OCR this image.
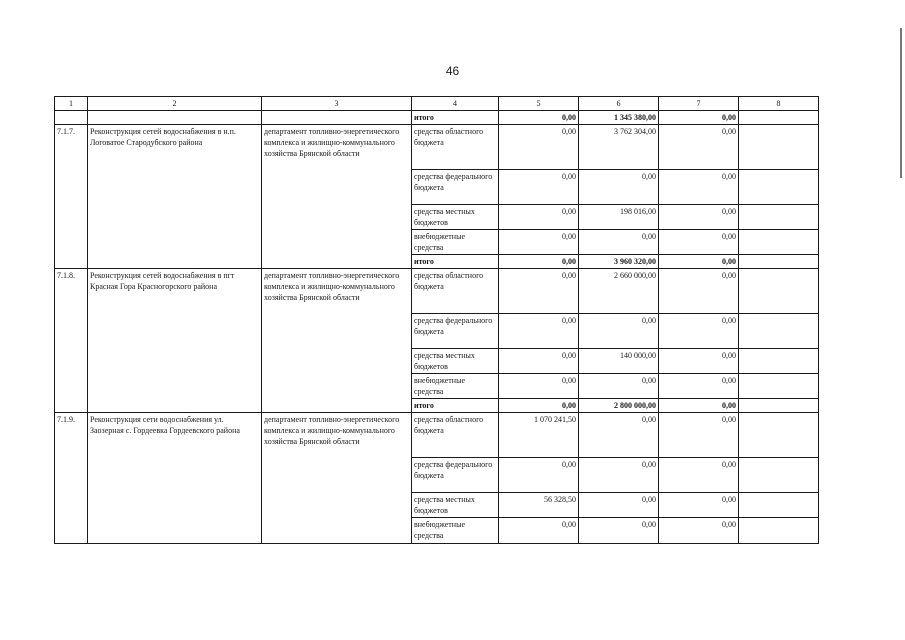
46
1	2	3	4	5	6	7	8
			итого	0,00	1 345 380,00	0,00	
7.1.7.	Реконструкция сетей водоснабжения в н.п. Логоватое Стародубского района	департамент топливно-энергетического комплекса и жилищно-коммунального хозяйства Брянской области	средства областного бюджета	0,00	3 762 304,00	0,00	
			средства федерального бюджета	0,00	0,00	0,00	
			средства местных бюджетов	0,00	198 016,00	0,00	
			внебюджетные средства	0,00	0,00	0,00	
			итого	0,00	3 960 320,00	0,00	
7.1.8.	Реконструкция сетей водоснабжения в пгт Красная Гора Красногорского района	департамент топливно-энергетического комплекса и жилищно-коммунального хозяйства Брянской области	средства областного бюджета	0,00	2 660 000,00	0,00	
			средства федерального бюджета	0,00	0,00	0,00	
			средства местных бюджетов	0,00	140 000,00	0,00	
			внебюджетные средства	0,00	0,00	0,00	
			итого	0,00	2 800 000,00	0,00	
7.1.9.	Реконструкция сети водоснабжения ул. Заозерная с. Гордеевка Гордеевского района	департамент топливно-энергетического комплекса и жилищно-коммунального хозяйства Брянской области	средства областного бюджета	1 070 241,50	0,00	0,00	
			средства федерального бюджета	0,00	0,00	0,00	
			средства местных бюджетов	56 328,50	0,00	0,00	
			внебюджетные средства	0,00	0,00	0,00	
